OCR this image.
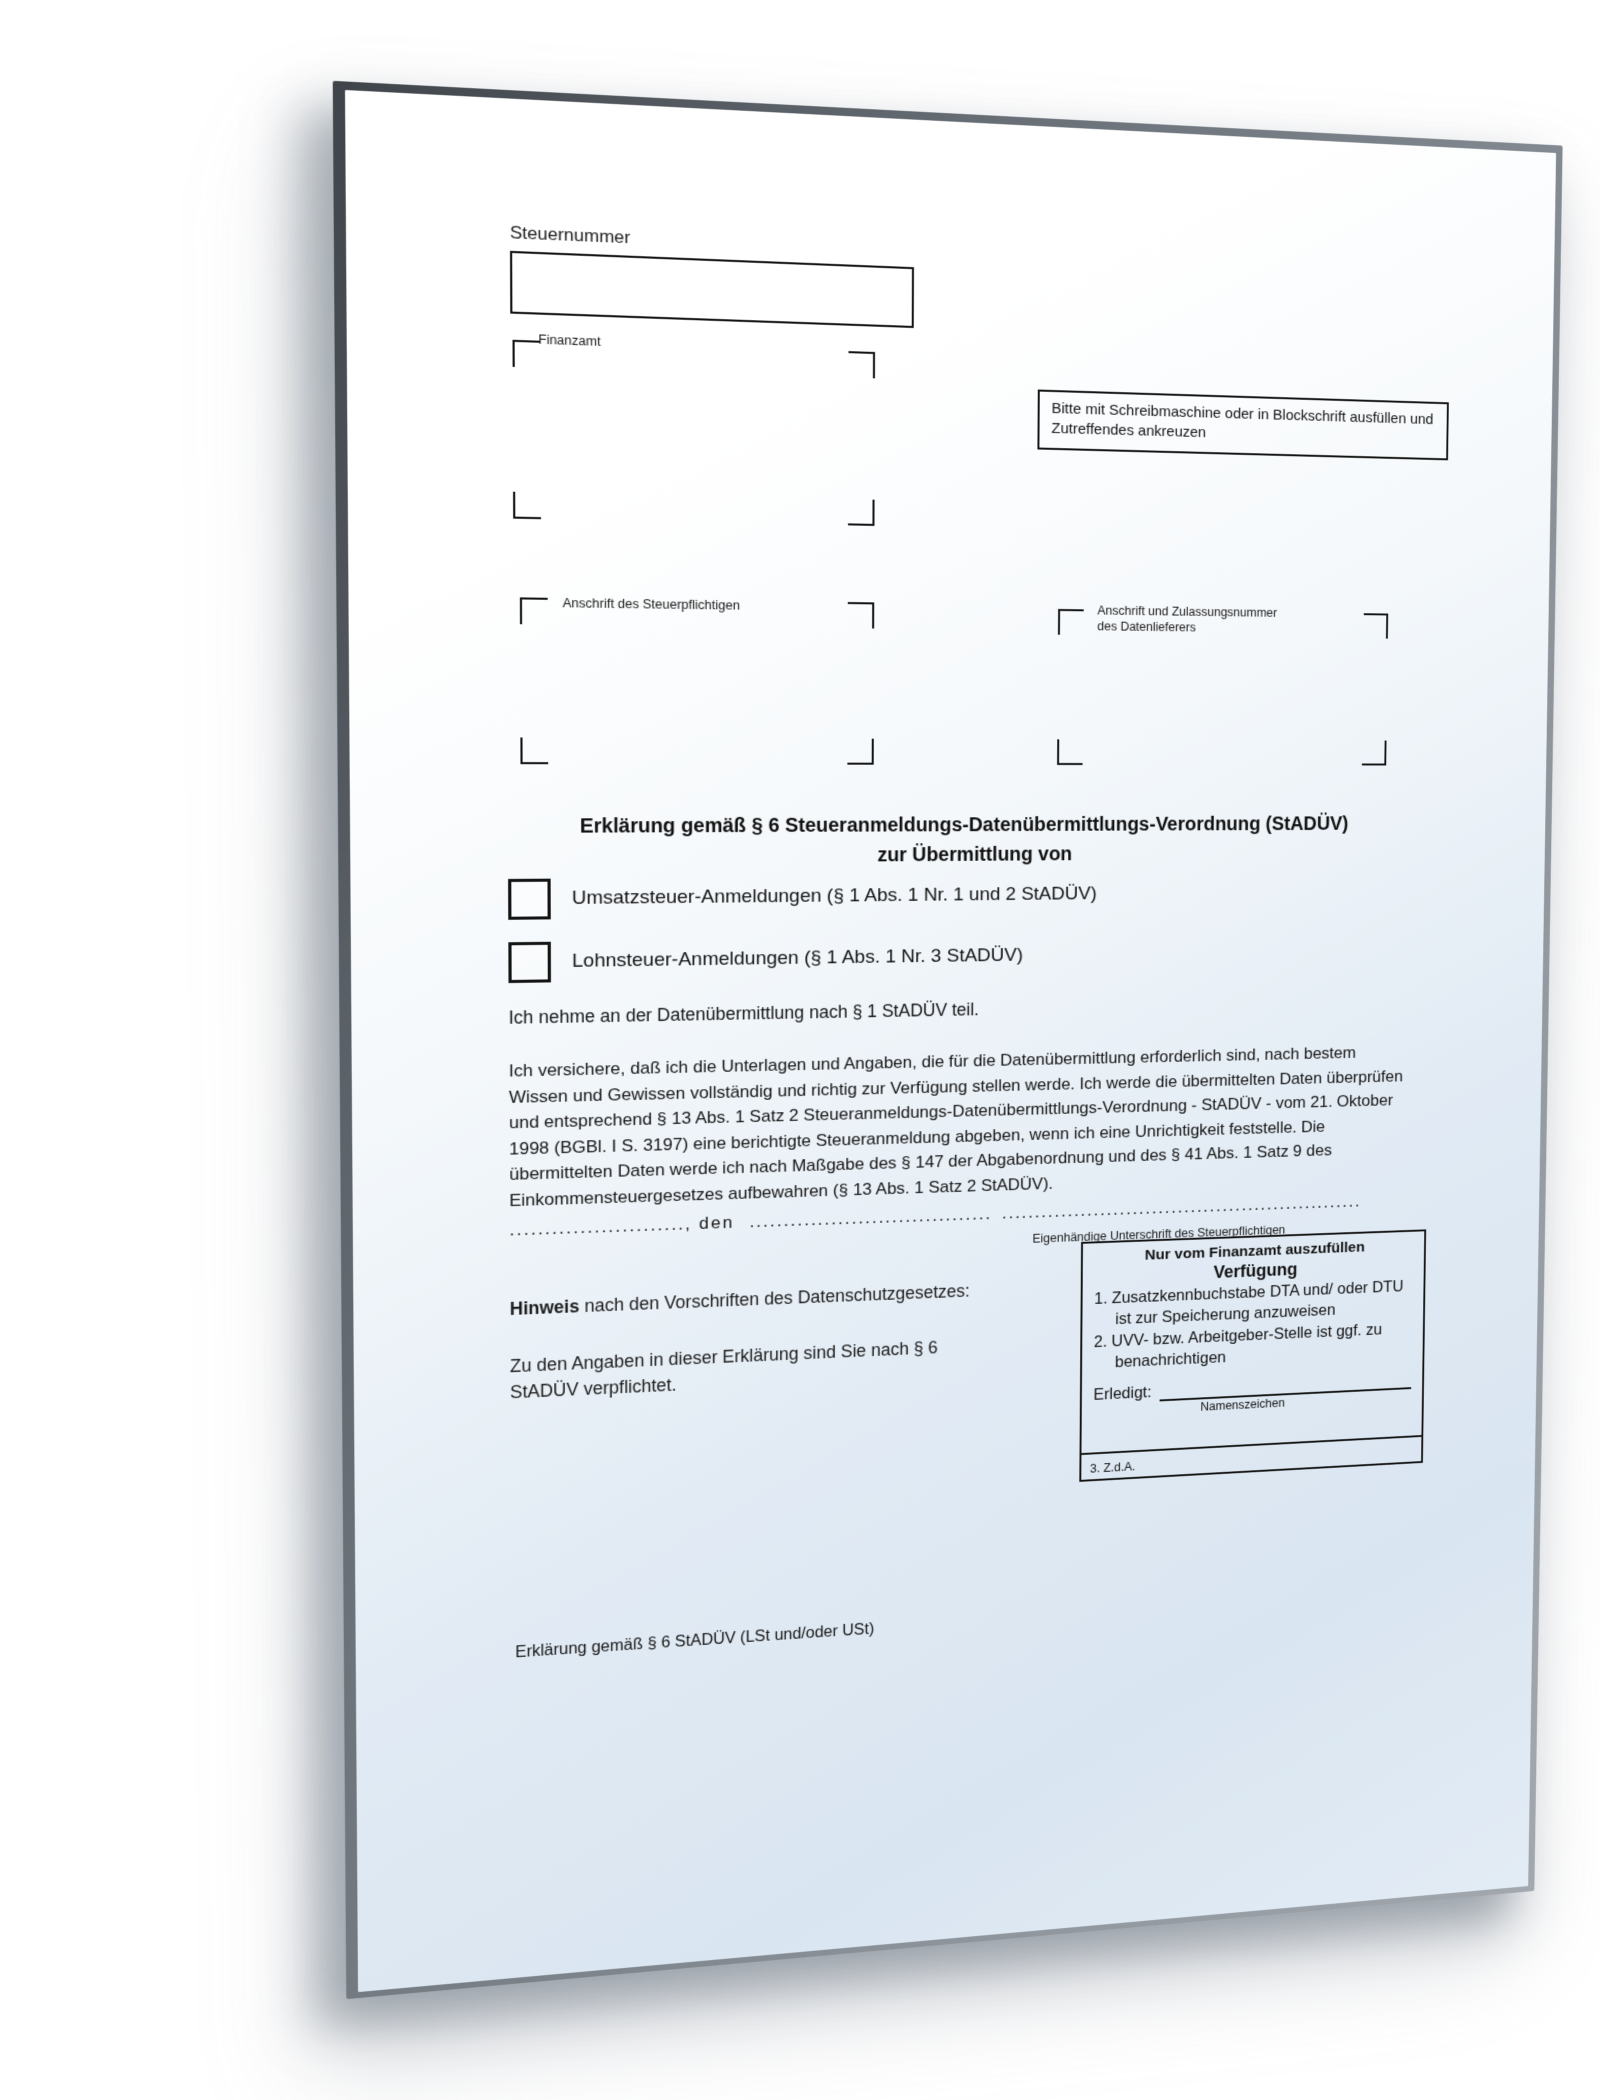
Steuernummer
Finanzamt
Bitte mit Schreibmaschine oder in Blockschrift ausfüllen und Zutreffendes ankreuzen
Anschrift des Steuerpflichtigen	Anschrift und Zulassungsnummer
des Datenlieferers
Erklärung gemäß § 6 Steueranmeldungs-Datenübermittlungs-Verordnung (StADÜV)
zur Übermittlung von
Umsatzsteuer-Anmeldungen (§ 1 Abs. 1 Nr. 1 und 2 StADÜV)
Lohnsteuer-Anmeldungen (§ 1 Abs. 1 Nr. 3 StADÜV)
Ich nehme an der Datenübermittlung nach § 1 StADÜV teil.
Ich versichere, daß ich die Unterlagen und Angaben, die für die Datenübermittlung erforderlich sind, nach bestem Wissen und Gewissen vollständig und richtig zur Verfügung stellen werde. Ich werde die übermittelten Daten überprüfen und entsprechend § 13 Abs. 1 Satz 2 Steueranmeldungs-Datenübermittlungs-Verordnung - StADÜV - vom 21. Oktober 1998 (BGBl. I S. 3197) eine berichtigte Steueranmeldung abgeben, wenn ich eine Unrichtigkeit feststelle. Die übermittelten Daten werde ich nach Maßgabe des § 147 der Abgabenordnung und des § 41 Abs. 1 Satz 9 des Einkommensteuergesetzes aufbewahren (§ 13 Abs. 1 Satz 2 StADÜV).
........................., den .................................... ........................................................
Eigenhändige Unterschrift des Steuerpflichtigen
Hinweis nach den Vorschriften des Datenschutzgesetzes:
Zu den Angaben in dieser Erklärung sind Sie nach § 6 StADÜV verpflichtet.
Nur vom Finanzamt auszufüllen
Verfügung
1. Zusatzkennbuchstabe DTA und/ oder DTU ist zur Speicherung anzuweisen
2. UVV- bzw. Arbeitgeber-Stelle ist ggf. zu benachrichtigen
Erledigt:
Namenszeichen
3. Z.d.A.
Erklärung gemäß § 6 StADÜV (LSt und/oder USt)
